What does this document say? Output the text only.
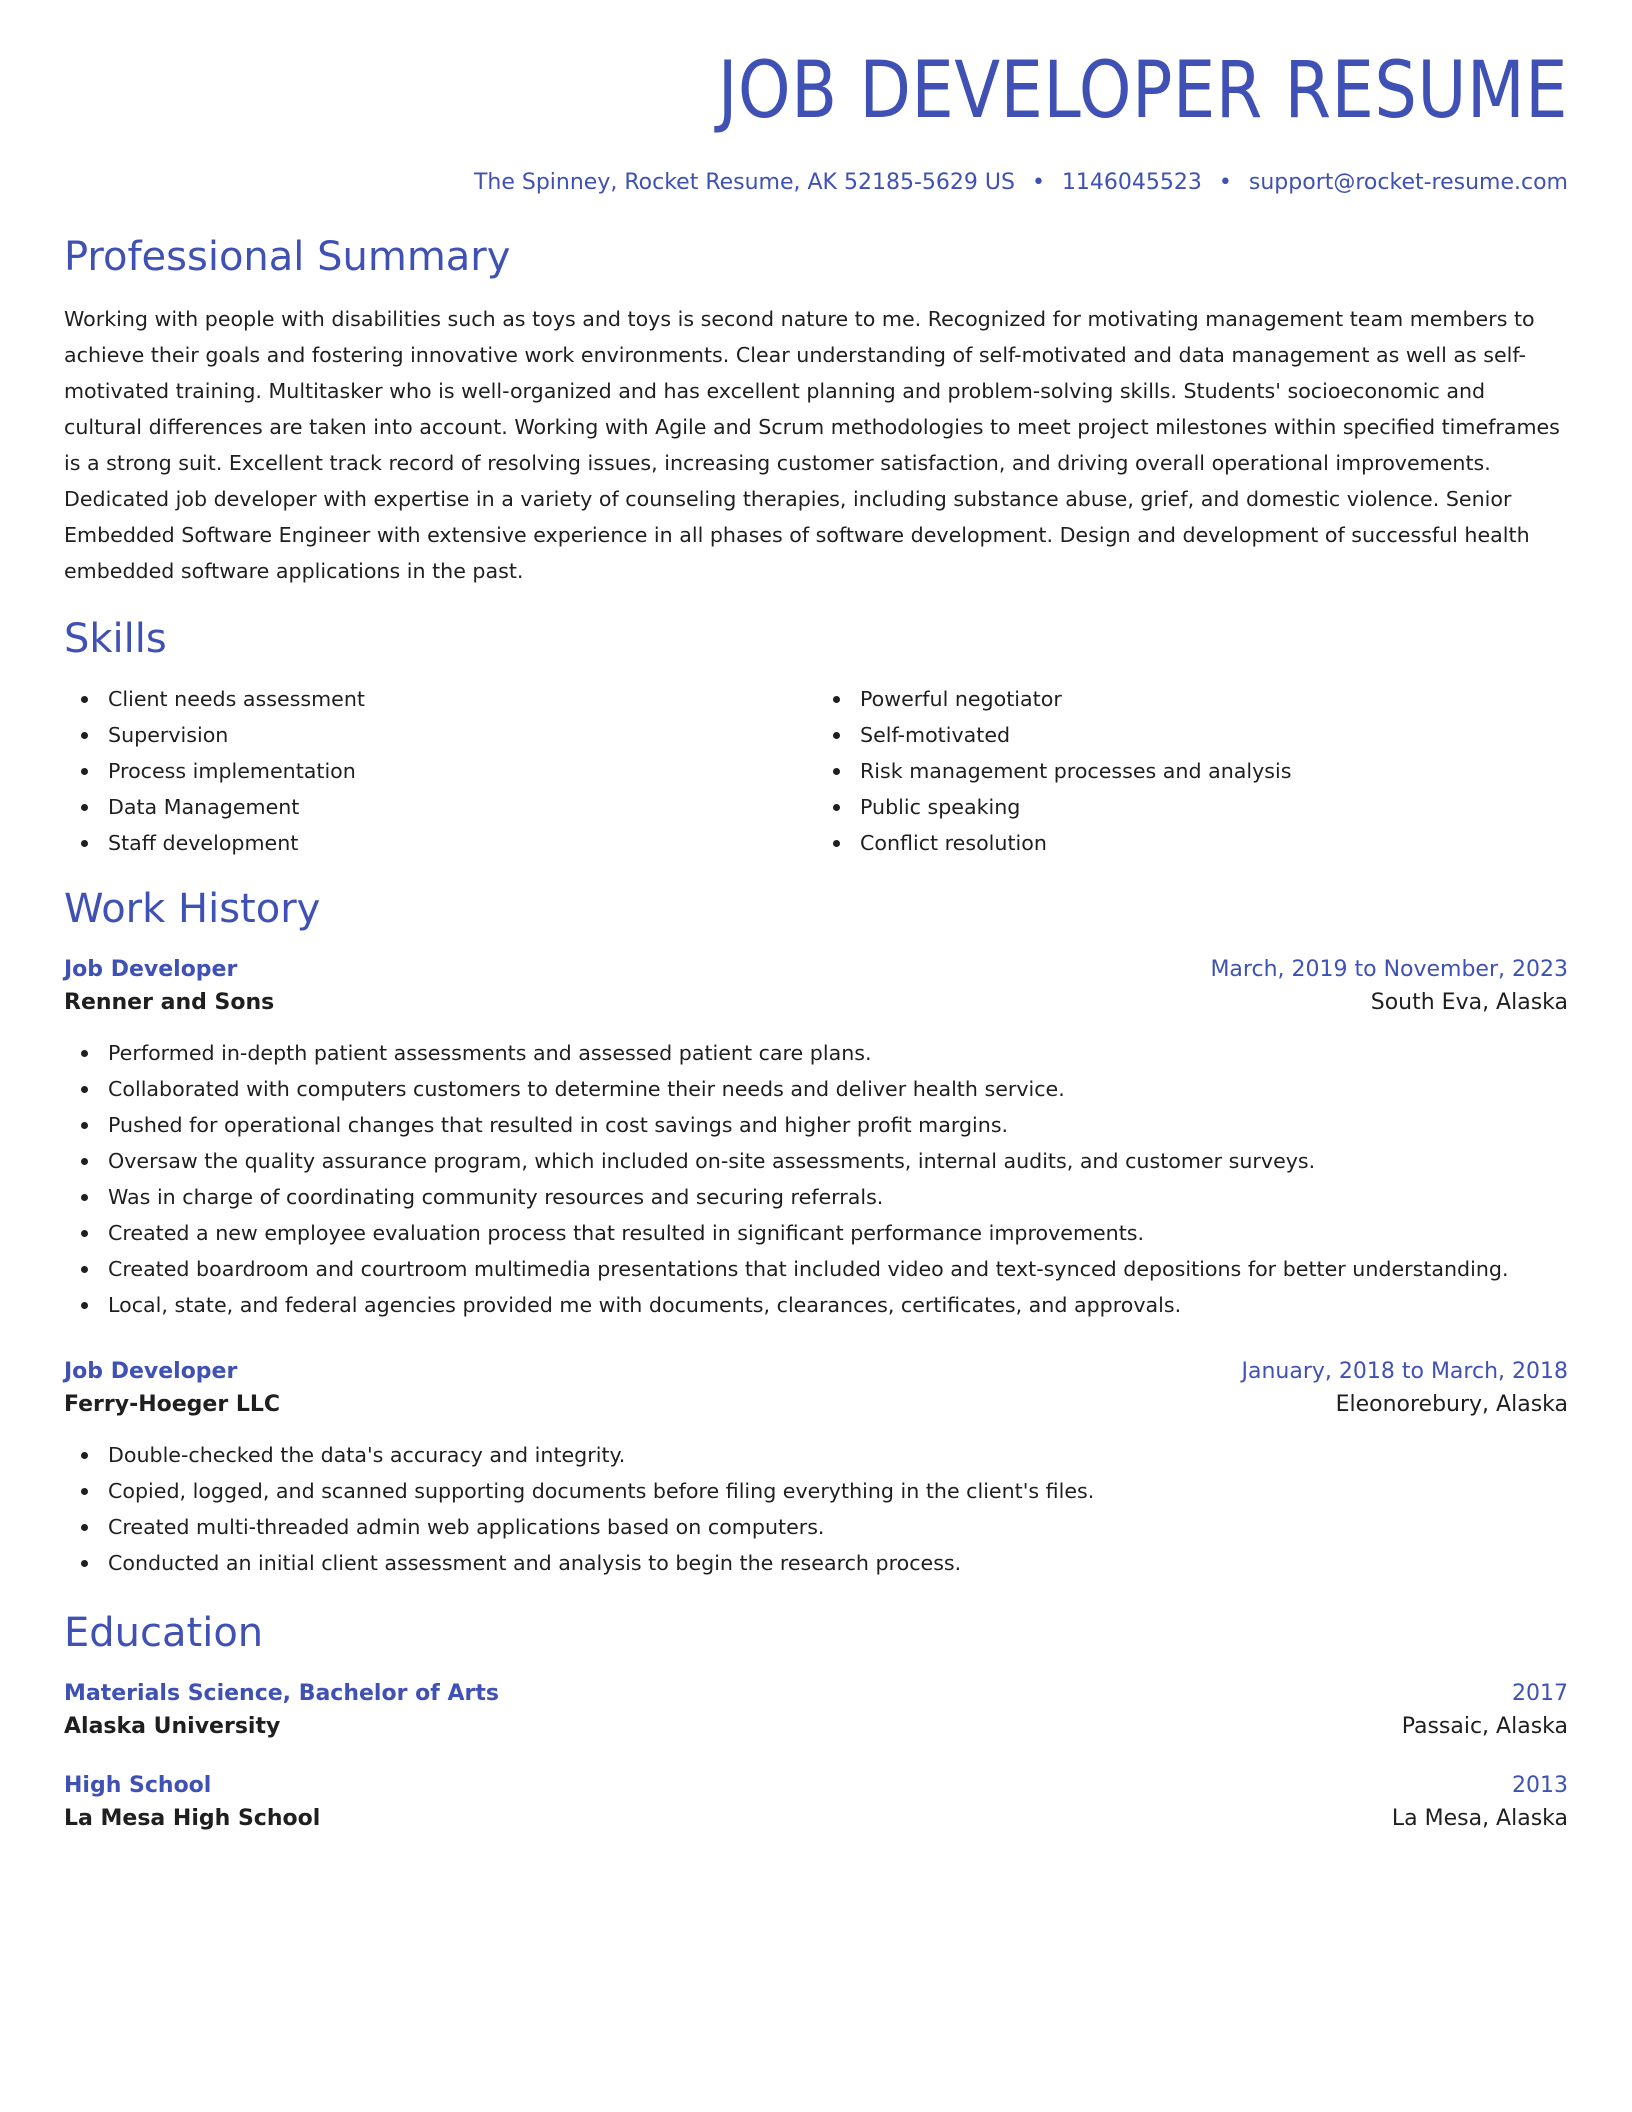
JOB DEVELOPER RESUME
The Spinney, Rocket Resume, AK 52185-5629 US • 1146045523 • support@rocket-resume.com
Professional Summary

Working with people with disabilities such as toys and toys is second nature to me. Recognized for motivating management team members to achieve their goals and fostering innovative work environments. Clear understanding of self-motivated and data management as well as self-motivated training. Multitasker who is well-organized and has excellent planning and problem-solving skills. Students' socioeconomic and cultural differences are taken into account. Working with Agile and Scrum methodologies to meet project milestones within specified timeframes is a strong suit. Excellent track record of resolving issues, increasing customer satisfaction, and driving overall operational improvements. Dedicated job developer with expertise in a variety of counseling therapies, including substance abuse, grief, and domestic violence. Senior Embedded Software Engineer with extensive experience in all phases of software development. Design and development of successful health embedded software applications in the past.

Skills
Client needs assessment
Supervision
Process implementation
Data Management
Staff development
Powerful negotiator
Self-motivated
Risk management processes and analysis
Public speaking
Conflict resolution
Work History
Job Developer	March, 2019 to November, 2023
Renner and Sons	South Eva, Alaska
Performed in-depth patient assessments and assessed patient care plans.
Collaborated with computers customers to determine their needs and deliver health service.
Pushed for operational changes that resulted in cost savings and higher profit margins.
Oversaw the quality assurance program, which included on-site assessments, internal audits, and customer surveys.
Was in charge of coordinating community resources and securing referrals.
Created a new employee evaluation process that resulted in significant performance improvements.
Created boardroom and courtroom multimedia presentations that included video and text-synced depositions for better understanding.
Local, state, and federal agencies provided me with documents, clearances, certificates, and approvals.
Job Developer	January, 2018 to March, 2018
Ferry-Hoeger LLC	Eleonorebury, Alaska
Double-checked the data's accuracy and integrity.
Copied, logged, and scanned supporting documents before filing everything in the client's files.
Created multi-threaded admin web applications based on computers.
Conducted an initial client assessment and analysis to begin the research process.
Education
Materials Science, Bachelor of Arts	2017
Alaska University	Passaic, Alaska
High School	2013
La Mesa High School	La Mesa, Alaska
